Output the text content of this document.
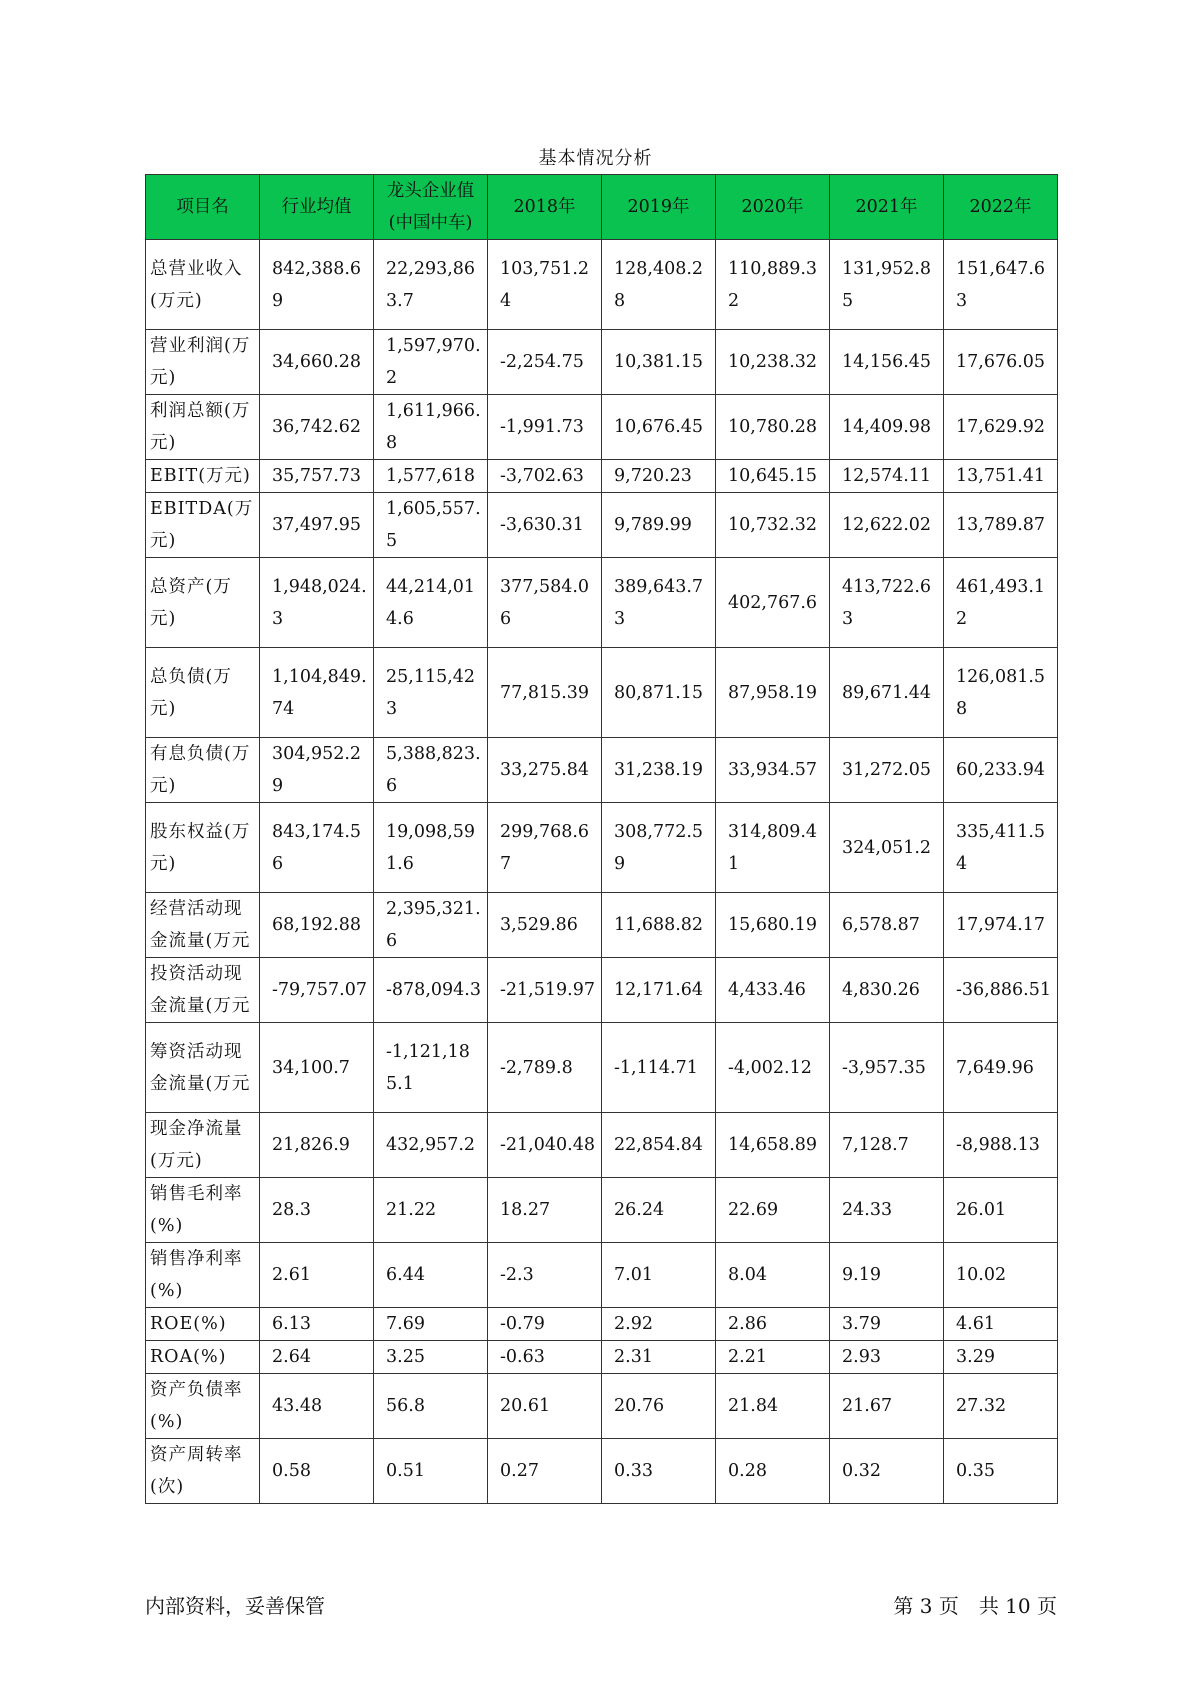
基本情况分析
项目名	行业均值	龙头企业值(中国中车)	2018年	2019年	2020年	2021年	2022年
总营业收入(万元)	842,388.69	22,293,863.7	103,751.24	128,408.28	110,889.32	131,952.85	151,647.63
营业利润(万元)	34,660.28	1,597,970.2	-2,254.75	10,381.15	10,238.32	14,156.45	17,676.05
利润总额(万元)	36,742.62	1,611,966.8	-1,991.73	10,676.45	10,780.28	14,409.98	17,629.92
EBIT(万元)	35,757.73	1,577,618	-3,702.63	9,720.23	10,645.15	12,574.11	13,751.41
EBITDA(万元)	37,497.95	1,605,557.5	-3,630.31	9,789.99	10,732.32	12,622.02	13,789.87
总资产(万元)	1,948,024.3	44,214,014.6	377,584.06	389,643.73	402,767.6	413,722.63	461,493.12
总负债(万元)	1,104,849.74	25,115,423	77,815.39	80,871.15	87,958.19	89,671.44	126,081.58
有息负债(万元)	304,952.29	5,388,823.6	33,275.84	31,238.19	33,934.57	31,272.05	60,233.94
股东权益(万元)	843,174.56	19,098,591.6	299,768.67	308,772.59	314,809.41	324,051.2	335,411.54
经营活动现金流量(万元	68,192.88	2,395,321.6	3,529.86	11,688.82	15,680.19	6,578.87	17,974.17
投资活动现金流量(万元	-79,757.07	-878,094.3	-21,519.97	12,171.64	4,433.46	4,830.26	-36,886.51
筹资活动现金流量(万元	34,100.7	-1,121,185.1	-2,789.8	-1,114.71	-4,002.12	-3,957.35	7,649.96
现金净流量(万元)	21,826.9	432,957.2	-21,040.48	22,854.84	14,658.89	7,128.7	-8,988.13
销售毛利率(%)	28.3	21.22	18.27	26.24	22.69	24.33	26.01
销售净利率(%)	2.61	6.44	-2.3	7.01	8.04	9.19	10.02
ROE(%)	6.13	7.69	-0.79	2.92	2.86	3.79	4.61
ROA(%)	2.64	3.25	-0.63	2.31	2.21	2.93	3.29
资产负债率(%)	43.48	56.8	20.61	20.76	21.84	21.67	27.32
资产周转率(次)	0.58	0.51	0.27	0.33	0.28	0.32	0.35
内部资料，妥善保管	第 3 页　共 10 页
